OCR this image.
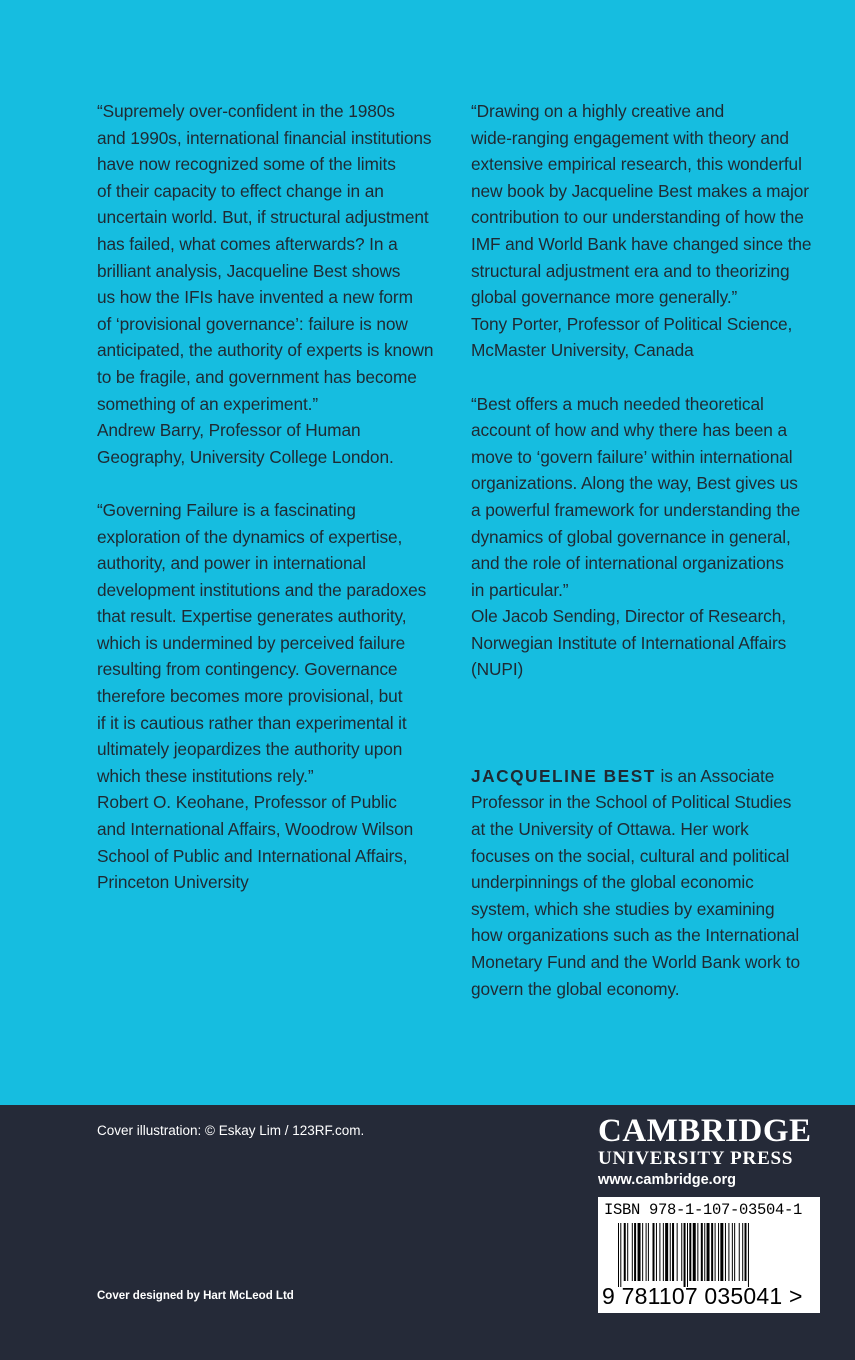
“Supremely over-confident in the 1980s
and 1990s, international financial institutions
have now recognized some of the limits
of their capacity to effect change in an
uncertain world. But, if structural adjustment
has failed, what comes afterwards? In a
brilliant analysis, Jacqueline Best shows
us how the IFIs have invented a new form
of ‘provisional governance’: failure is now
anticipated, the authority of experts is known
to be fragile, and government has become
something of an experiment.”
Andrew Barry, Professor of Human
Geography, University College London.
“Governing Failure is a fascinating
exploration of the dynamics of expertise,
authority, and power in international
development institutions and the paradoxes
that result. Expertise generates authority,
which is undermined by perceived failure
resulting from contingency. Governance
therefore becomes more provisional, but
if it is cautious rather than experimental it
ultimately jeopardizes the authority upon
which these institutions rely.”
Robert O. Keohane, Professor of Public
and International Affairs, Woodrow Wilson
School of Public and International Affairs,
Princeton University
“Drawing on a highly creative and
wide-ranging engagement with theory and
extensive empirical research, this wonderful
new book by Jacqueline Best makes a major
contribution to our understanding of how the
IMF and World Bank have changed since the
structural adjustment era and to theorizing
global governance more generally.”
Tony Porter, Professor of Political Science,
McMaster University, Canada
“Best offers a much needed theoretical
account of how and why there has been a
move to ‘govern failure’ within international
organizations. Along the way, Best gives us
a powerful framework for understanding the
dynamics of global governance in general,
and the role of international organizations
in particular.”
Ole Jacob Sending, Director of Research,
Norwegian Institute of International Affairs
(NUPI)
JACQUELINE BEST is an Associate
Professor in the School of Political Studies
at the University of Ottawa. Her work
focuses on the social, cultural and political
underpinnings of the global economic
system, which she studies by examining
how organizations such as the International
Monetary Fund and the World Bank work to
govern the global economy.
Cover illustration: © Eskay Lim / 123RF.com.
Cover designed by Hart McLeod Ltd
CAMBRIDGE
UNIVERSITY PRESS
www.cambridge.org
ISBN 978-1-107-03504-1
9 781107 035041 >
